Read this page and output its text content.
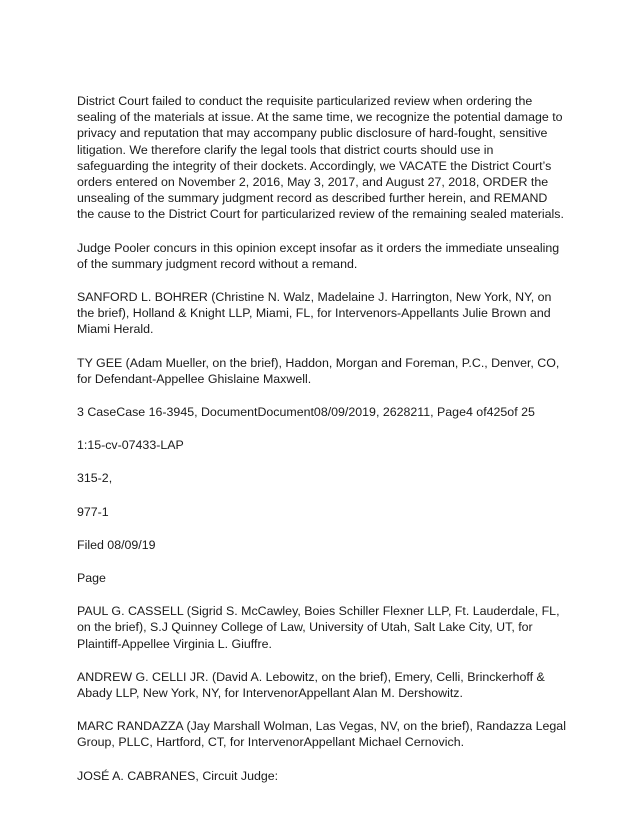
District Court failed to conduct the requisite particularized review when ordering the sealing of the materials at issue. At the same time, we recognize the potential damage to privacy and reputation that may accompany public disclosure of hard-fought, sensitive litigation. We therefore clarify the legal tools that district courts should use in safeguarding the integrity of their dockets. Accordingly, we VACATE the District Court’s orders entered on November 2, 2016, May 3, 2017, and August 27, 2018, ORDER the unsealing of the summary judgment record as described further herein, and REMAND the cause to the District Court for particularized review of the remaining sealed materials.

Judge Pooler concurs in this opinion except insofar as it orders the immediate unsealing of the summary judgment record without a remand.

SANFORD L. BOHRER (Christine N. Walz, Madelaine J. Harrington, New York, NY, on the brief), Holland & Knight LLP, Miami, FL, for Intervenors-Appellants Julie Brown and Miami Herald.

TY GEE (Adam Mueller, on the brief), Haddon, Morgan and Foreman, P.C., Denver, CO, for Defendant-Appellee Ghislaine Maxwell.

3 CaseCase 16-3945, DocumentDocument08/09/2019, 2628211, Page4 of425of 25

1:15-cv-07433-LAP

315-2,

977-1

Filed 08/09/19

Page

PAUL G. CASSELL (Sigrid S. McCawley, Boies Schiller Flexner LLP, Ft. Lauderdale, FL, on the brief), S.J Quinney College of Law, University of Utah, Salt Lake City, UT, for Plaintiff-Appellee Virginia L. Giuffre.

ANDREW G. CELLI JR. (David A. Lebowitz, on the brief), Emery, Celli, Brinckerhoff & Abady LLP, New York, NY, for IntervenorAppellant Alan M. Dershowitz.

MARC RANDAZZA (Jay Marshall Wolman, Las Vegas, NV, on the brief), Randazza Legal Group, PLLC, Hartford, CT, for IntervenorAppellant Michael Cernovich.

JOSÉ A. CABRANES, Circuit Judge:
